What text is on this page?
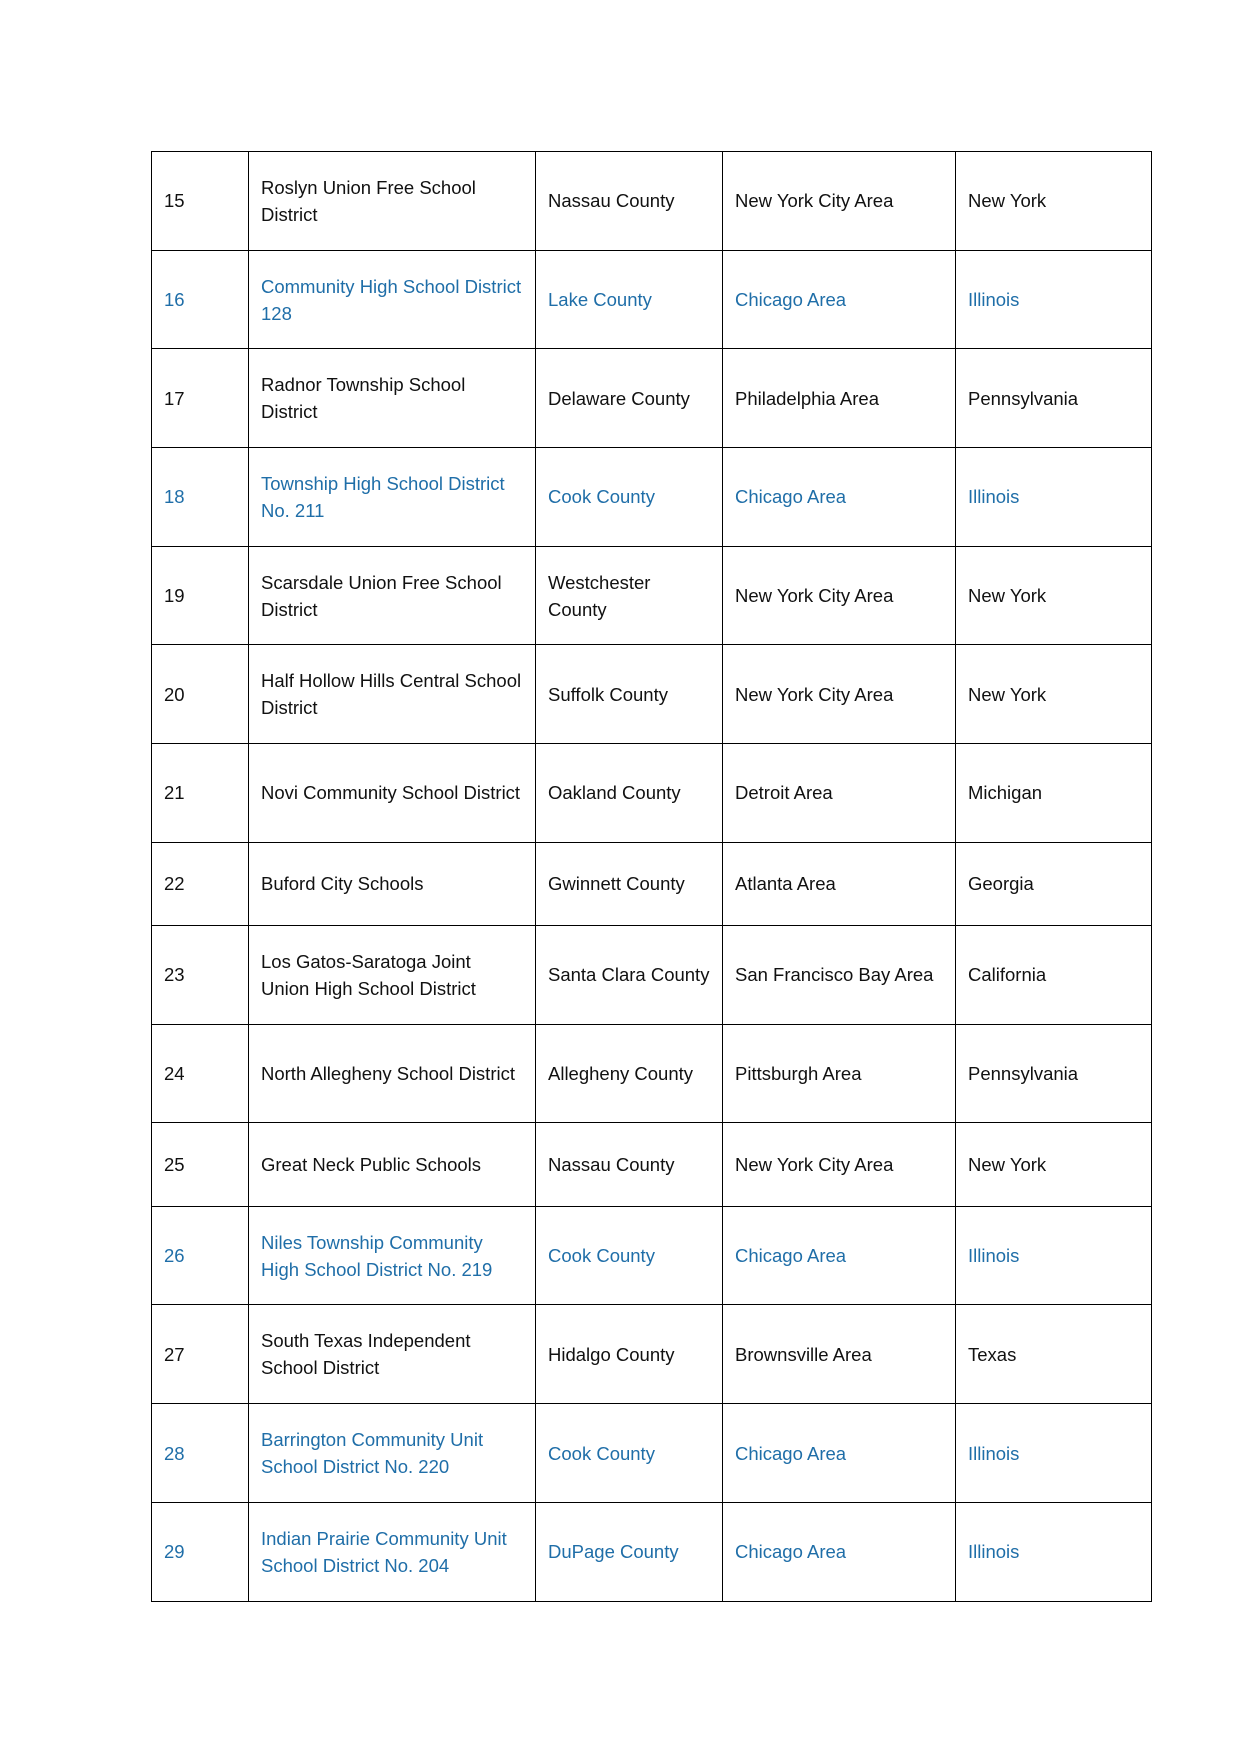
15	Roslyn Union Free School District	Nassau County	New York City Area	New York
16	Community High School District 128	Lake County	Chicago Area	Illinois
17	Radnor Township School District	Delaware County	Philadelphia Area	Pennsylvania
18	Township High School District No. 211	Cook County	Chicago Area	Illinois
19	Scarsdale Union Free School District	Westchester County	New York City Area	New York
20	Half Hollow Hills Central School District	Suffolk County	New York City Area	New York
21	Novi Community School District	Oakland County	Detroit Area	Michigan
22	Buford City Schools	Gwinnett County	Atlanta Area	Georgia
23	Los Gatos-Saratoga Joint Union High School District	Santa Clara County	San Francisco Bay Area	California
24	North Allegheny School District	Allegheny County	Pittsburgh Area	Pennsylvania
25	Great Neck Public Schools	Nassau County	New York City Area	New York
26	Niles Township Community High School District No. 219	Cook County	Chicago Area	Illinois
27	South Texas Independent School District	Hidalgo County	Brownsville Area	Texas
28	Barrington Community Unit School District No. 220	Cook County	Chicago Area	Illinois
29	Indian Prairie Community Unit School District No. 204	DuPage County	Chicago Area	Illinois
